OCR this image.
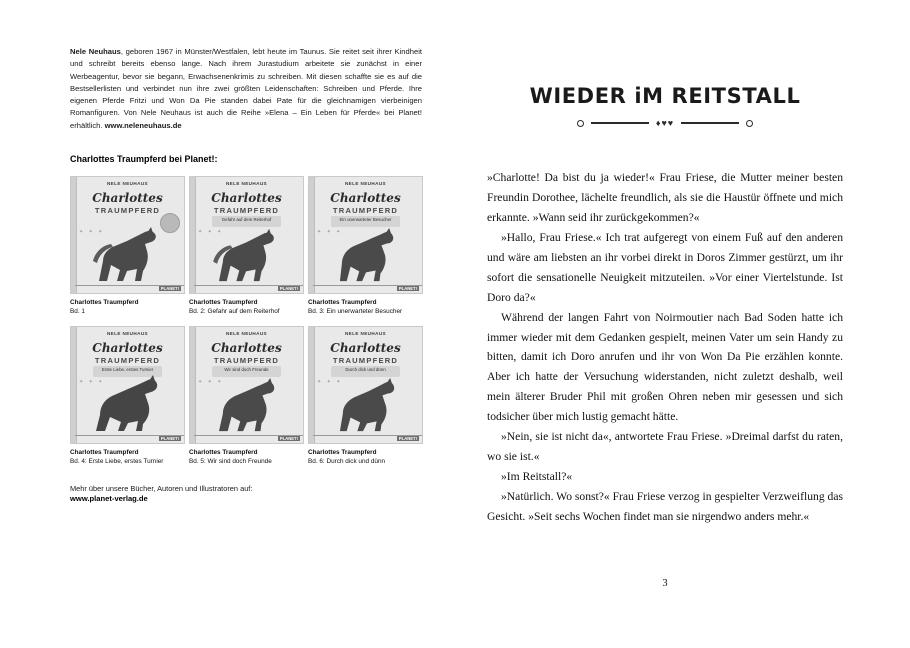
Nele Neuhaus, geboren 1967 in Münster/Westfalen, lebt heute im Taunus. Sie reitet seit ihrer Kindheit und schreibt bereits ebenso lange. Nach ihrem Jurastudium arbeitete sie zunächst in einer Werbeagentur, bevor sie begann, Erwachsenenkrimis zu schreiben. Mit diesen schaffte sie es auf die Bestsellerlisten und verbindet nun ihre zwei größten Leidenschaften: Schreiben und Pferde. Ihre eigenen Pferde Fritzi und Won Da Pie standen dabei Pate für die gleichnamigen vierbeinigen Romanfiguren. Von Nele Neuhaus ist auch die Reihe »Elena – Ein Leben für Pferde« bei Planet! erhältlich. www.neleneuhaus.de
Charlottes Traumpferd bei Planet!:
NELE NEUHAUS
Charlottes
TRAUMPFERD
✦ ✦ ✦
PLANET!
Charlottes Traumpferd
Bd. 1
NELE NEUHAUS
Charlottes
TRAUMPFERD
Gefahr auf dem Reiterhof
✦ ✦ ✦
PLANET!
Charlottes Traumpferd
Bd. 2: Gefahr auf dem Reiterhof
NELE NEUHAUS
Charlottes
TRAUMPFERD
Ein unerwarteter Besucher
✦ ✦ ✦
PLANET!
Charlottes Traumpferd
Bd. 3: Ein unerwarteter Besucher
NELE NEUHAUS
Charlottes
TRAUMPFERD
Erste Liebe, erstes Turnier
✦ ✦ ✦
PLANET!
Charlottes Traumpferd
Bd. 4: Erste Liebe, erstes Turnier
NELE NEUHAUS
Charlottes
TRAUMPFERD
Wir sind doch Freunde
✦ ✦ ✦
PLANET!
Charlottes Traumpferd
Bd. 5: Wir sind doch Freunde
NELE NEUHAUS
Charlottes
TRAUMPFERD
Durch dick und dünn
✦ ✦ ✦
PLANET!
Charlottes Traumpferd
Bd. 6: Durch dick und dünn
Mehr über unsere Bücher, Autoren und Illustratoren auf:
www.planet-verlag.de
WIEDER iM REITSTALL
♦♥♥

»Charlotte! Da bist du ja wieder!« Frau Friese, die Mutter meiner besten Freundin Dorothee, lächelte freundlich, als sie die Haustür öffnete und mich erkannte. »Wann seid ihr zurückgekommen?«

»Hallo, Frau Friese.« Ich trat aufgeregt von einem Fuß auf den anderen und wäre am liebsten an ihr vorbei direkt in Doros Zimmer gestürzt, um ihr sofort die sensationelle Neuigkeit mitzuteilen. »Vor einer Viertelstunde. Ist Doro da?«

Während der langen Fahrt von Noirmoutier nach Bad Soden hatte ich immer wieder mit dem Gedanken gespielt, meinen Vater um sein Handy zu bitten, damit ich Doro anrufen und ihr von Won Da Pie erzählen konnte. Aber ich hatte der Versuchung widerstanden, nicht zuletzt deshalb, weil mein älterer Bruder Phil mit großen Ohren neben mir gesessen und sich todsicher über mich lustig gemacht hätte.

»Nein, sie ist nicht da«, antwortete Frau Friese. »Dreimal darfst du raten, wo sie ist.«

»Im Reitstall?«

»Natürlich. Wo sonst?« Frau Friese verzog in gespielter Verzweiflung das Gesicht. »Seit sechs Wochen findet man sie nirgendwo anders mehr.«

3
